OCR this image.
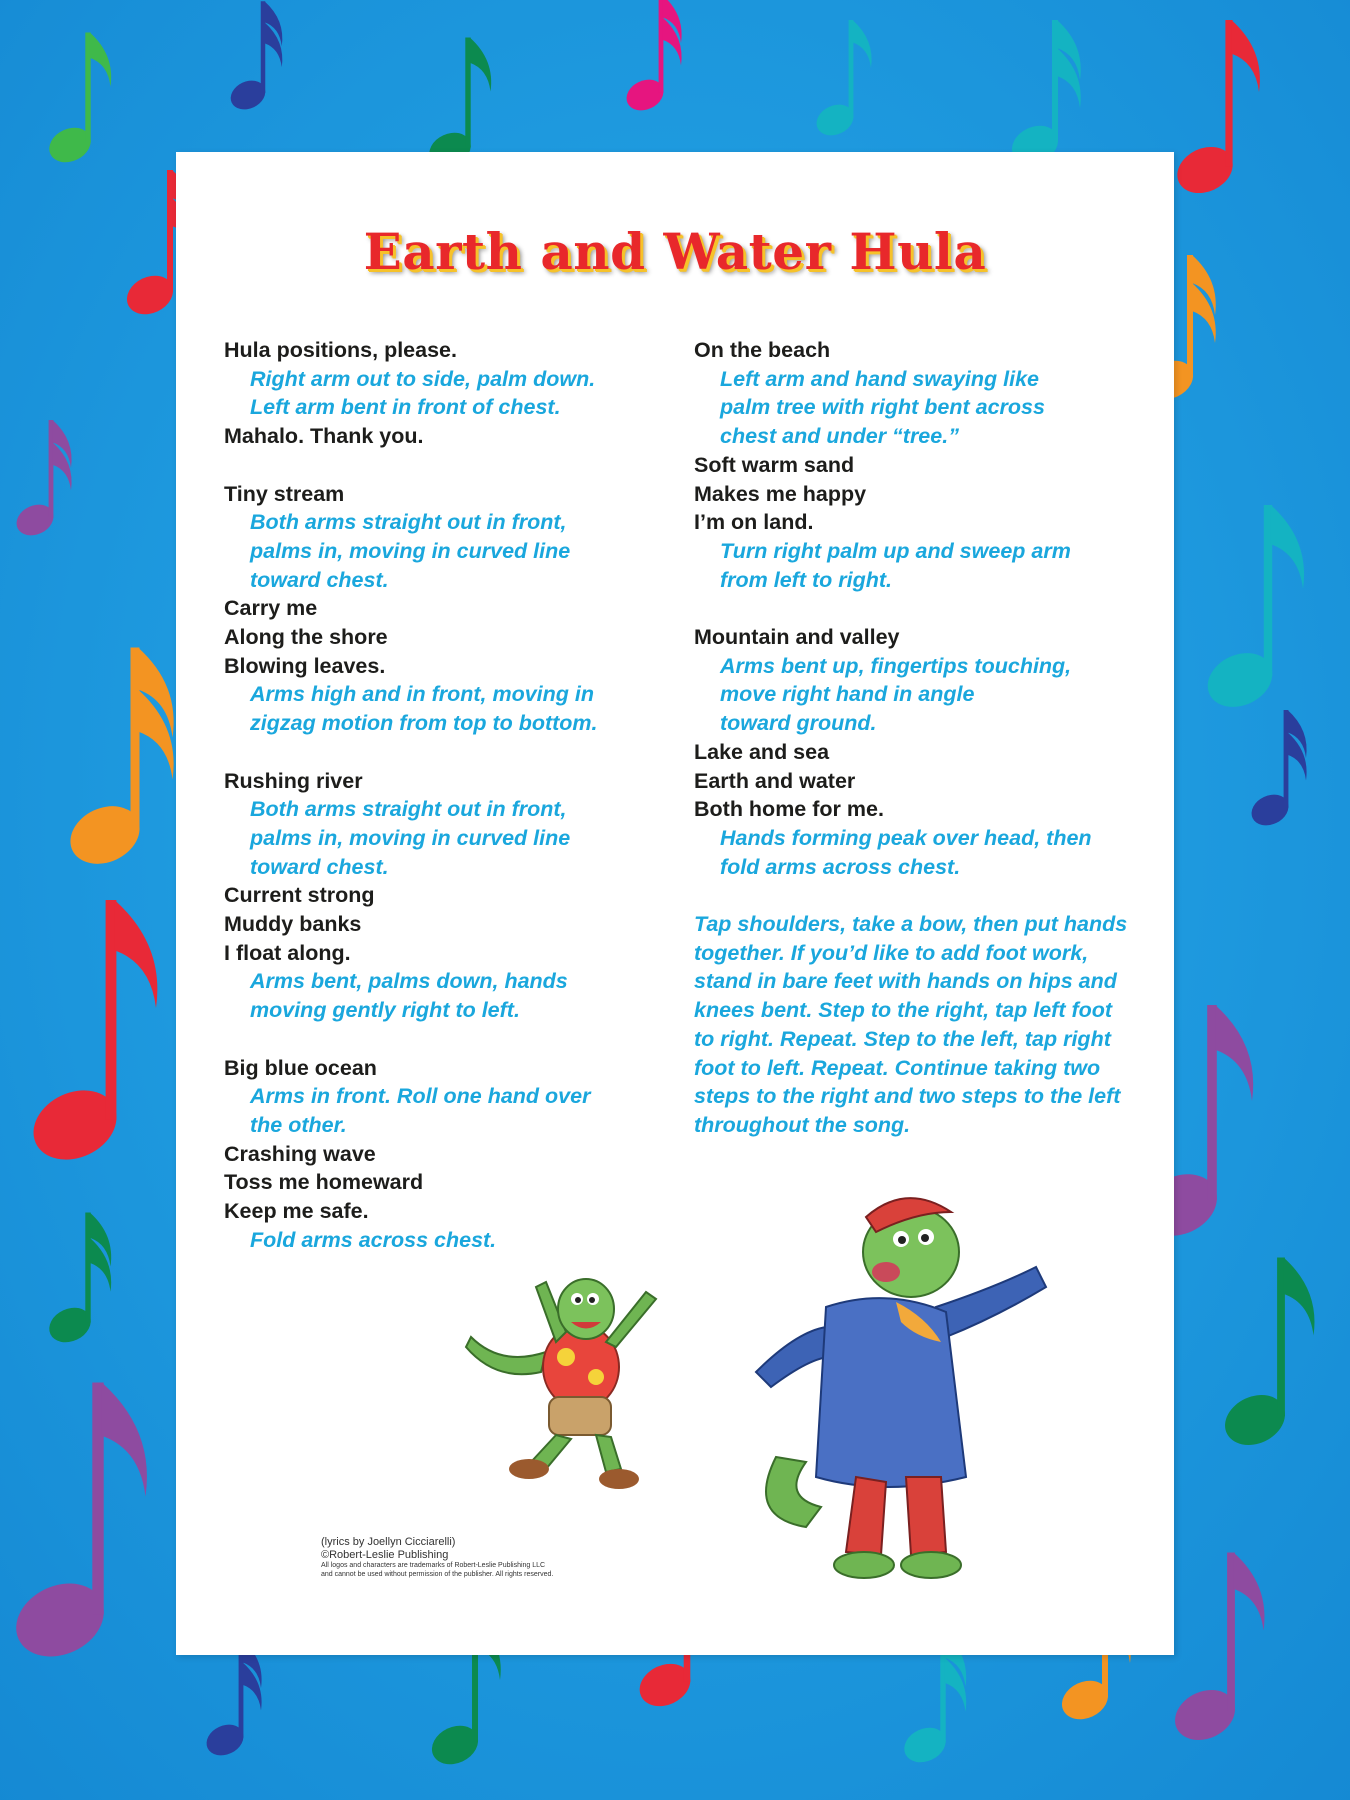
Earth and Water Hula
Hula positions, please.
Right arm out to side, palm down.
Left arm bent in front of chest.
Mahalo. Thank you.
Tiny stream
Both arms straight out in front,
palms in, moving in curved line
toward chest.
Carry me
Along the shore
Blowing leaves.
Arms high and in front, moving in
zigzag motion from top to bottom.
Rushing river
Both arms straight out in front,
palms in, moving in curved line
toward chest.
Current strong
Muddy banks
I float along.
Arms bent, palms down, hands
moving gently right to left.
Big blue ocean
Arms in front. Roll one hand over
the other.
Crashing wave
Toss me homeward
Keep me safe.
Fold arms across chest.
On the beach
Left arm and hand swaying like
palm tree with right bent across
chest and under “tree.”
Soft warm sand
Makes me happy
I’m on land.
Turn right palm up and sweep arm
from left to right.
Mountain and valley
Arms bent up, fingertips touching,
move right hand in angle
toward ground.
Lake and sea
Earth and water
Both home for me.
Hands forming peak over head, then
fold arms across chest.
Tap shoulders, take a bow, then put hands
together. If you’d like to add foot work,
stand in bare feet with hands on hips and
knees bent. Step to the right, tap left foot
to right. Repeat. Step to the left, tap right
foot to left. Repeat. Continue taking two
steps to the right and two steps to the left
throughout the song.
(lyrics by Joellyn Cicciarelli)
©Robert-Leslie Publishing
All logos and characters are trademarks of Robert-Leslie Publishing LLC
and cannot be used without permission of the publisher. All rights reserved.
